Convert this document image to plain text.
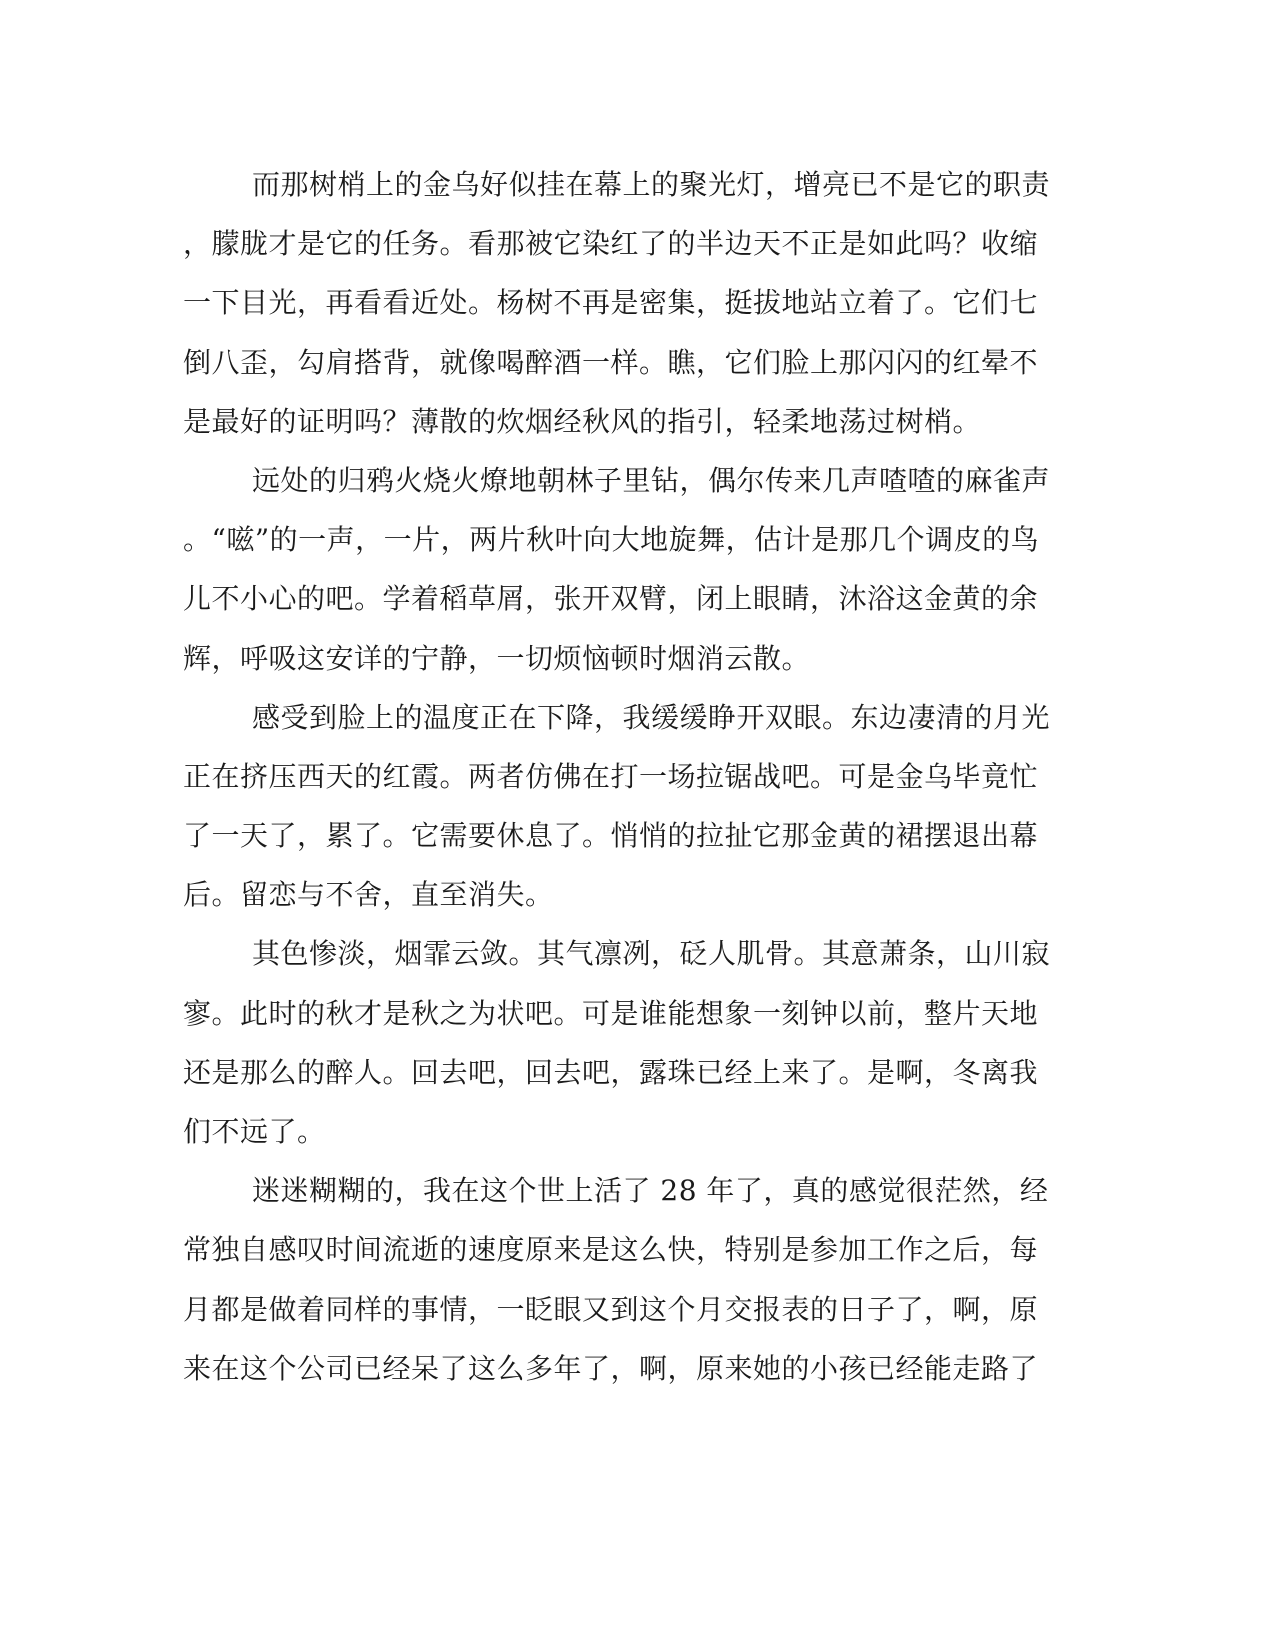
而那树梢上的金乌好似挂在幕上的聚光灯，增亮已不是它的职责
，朦胧才是它的任务。看那被它染红了的半边天不正是如此吗？收缩
一下目光，再看看近处。杨树不再是密集，挺拔地站立着了。它们七
倒八歪，勾肩搭背，就像喝醉酒一样。瞧，它们脸上那闪闪的红晕不
是最好的证明吗？薄散的炊烟经秋风的指引，轻柔地荡过树梢。
远处的归鸦火烧火燎地朝林子里钻，偶尔传来几声喳喳的麻雀声
。“嗞”的一声，一片，两片秋叶向大地旋舞，估计是那几个调皮的鸟
儿不小心的吧。学着稻草屑，张开双臂，闭上眼睛，沐浴这金黄的余
辉，呼吸这安详的宁静，一切烦恼顿时烟消云散。
感受到脸上的温度正在下降，我缓缓睁开双眼。东边凄清的月光
正在挤压西天的红霞。两者仿佛在打一场拉锯战吧。可是金乌毕竟忙
了一天了，累了。它需要休息了。悄悄的拉扯它那金黄的裙摆退出幕
后。留恋与不舍，直至消失。
其色惨淡，烟霏云敛。其气凛冽，砭人肌骨。其意萧条，山川寂
寥。此时的秋才是秋之为状吧。可是谁能想象一刻钟以前，整片天地
还是那么的醉人。回去吧，回去吧，露珠已经上来了。是啊，冬离我
们不远了。
迷迷糊糊的，我在这个世上活了 28 年了，真的感觉很茫然，经
常独自感叹时间流逝的速度原来是这么快，特别是参加工作之后，每
月都是做着同样的事情，一眨眼又到这个月交报表的日子了，啊，原
来在这个公司已经呆了这么多年了，啊，原来她的小孩已经能走路了
